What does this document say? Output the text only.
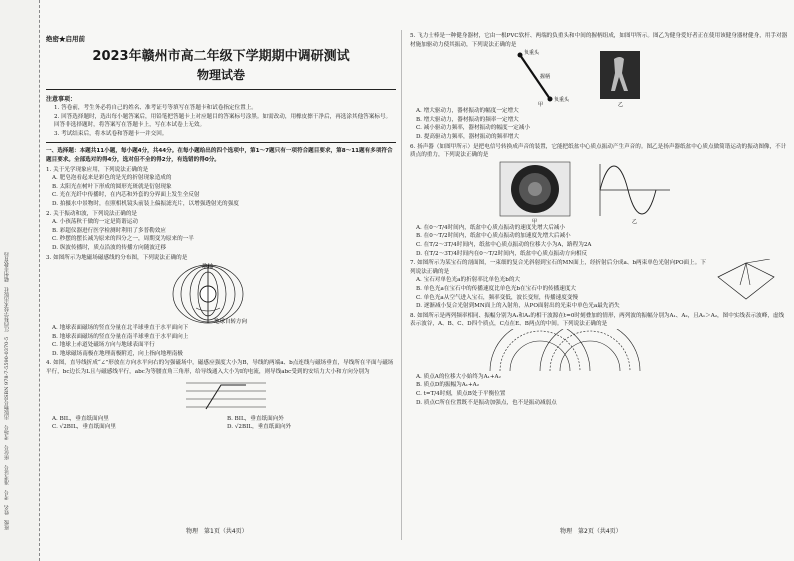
班级　姓名　考号　准考证号　座位号　考场号　出版物号ISBN 978-7-5590-0370-5　江西科学技术出版社　赣州市教育局　
绝密★启用前
2023年赣州市高二年级下学期期中调研测试
物理试卷
注意事项：
1. 答卷前，考生务必将自己的姓名、准考证号等填写在答题卡和试卷指定位置上。
2. 回答选择题时，选出每小题答案后，用铅笔把答题卡上对应题目的答案标号涂黑。如需改动，用橡皮擦干净后，再选涂其他答案标号。回答非选择题时，将答案写在答题卡上，写在本试卷上无效。
3. 考试结束后，将本试卷和答题卡一并交回。
一、选择题：本题共11小题，每小题4分，共44分。在每小题给出的四个选项中，第1～7题只有一项符合题目要求，第8～11题有多项符合题目要求。全部选对的得4分，选对但不全的得2分，有选错的得0分。
1. 关于光学现象应用，下列说法正确的是
A. 肥皂泡看起来是彩色的是光的折射现象造成的
B. 太阳光在树叶下形成的圆形光斑就是衍射现象
C. 光在光纤中传播时，在内芯和外套的分界面上发生全反射
D. 拍摄水中景物时，在照相机镜头前装上偏振滤光片，以增强透射光的强度
2. 关于振动和波，下列说法正确的是
A. 小孩荡秋千做的一定是简谐运动
B. 彩超仪器进行医学检测时利用了多普勒效应
C. 秒摆的摆长减为原来的四分之一，周期变为原来的一半
D. 纵波传播时，质点沿波的传播方向随波迁移
3. 如图所示为地磁场磁感线的分布图，下列说法正确的是
地轴
地球自转方向
A. 地球表面磁场的竖直分量在北半球垂直于水平面向下
B. 地球表面磁场的竖直分量在南半球垂直于水平面向上
C. 地球上赤道处磁场方向与地球表面平行
D. 地球磁场南极在地理南极附近，向上指向地理南极
4. 如图，直导线折成“∠”形放在方向水平向右的匀强磁场中，磁感应强度大小为B，导线的两端a、b点连线与磁场垂直，导线所在平面与磁场平行，bc边长为L且与磁感线平行，abc为等腰直角三角形，给导线通入大小为I的电流，则导线abc受到的安培力大小和方向分别为
A. BIL，垂直纸面向里	B. BIL，垂直纸面向外
C. √2BIL，垂直纸面向里	D. √2BIL，垂直纸面向外
物理　第1页（共4页）
5. 飞力士棒是一种健身器材，它由一根PVC软杆、两端的负重头和中间的握柄组成，如图甲所示。图乙为健身爱好者正在使用该健身器材健身，用手对器材施加驱动力使其振动，下列说法正确的是
负重头
握柄
负重头
甲	乙
A. 增大驱动力，器材振动的幅度一定增大
B. 增大驱动力，器材振动的频率一定增大
C. 减小驱动力频率，器材振动的幅度一定减小
D. 提高驱动力频率，器材振动的频率增大
6. 扬声器（如图甲所示）是把电信号转换成声音的装置，它能把纸盆中心质点振动产生声音的。图乙是扬声器纸盆中心质点做简谐运动的振动图像，不计质点的重力，下列说法正确的是
甲	乙
A. 在0～T/4时间内，纸盆中心质点振动的速度先增大后减小
B. 在0～T/2时间内，纸盆中心质点振动的加速度先增大后减小
C. 在T/2～3T/4时间内，纸盆中心质点振动的位移大小为A，路程为2A
D. 在T/2～3T/4时间内在0～T/2时间内，纸盆中心质点振动方向相反
7. 如图所示为某宝石的剖面图，一束细的复合光斜射到宝石的MN面上，经折射后分成a、b两束单色光射向PO面上。下列说法正确的是
A. 宝石对单色光a的折射率比单色光b的大
B. 单色光a在宝石中的传播速度比单色光b在宝石中的传播速度大
C. 单色光a从空气进入宝石，频率变低，波长变短，传播速度变慢
D. 逐渐减小复合光射到MN面上的入射角，从PO面射出的光束中单色光a最先消失
8. 如图所示是两列频率相同、振幅分别为A₁和A₂的相干波源在t=0时刻叠加的情形，两列波的振幅分别为A₁、A₂，且A₁＞A₂，图中实线表示波峰，虚线表示波谷，A、B、C、D四个质点，C点在E、B两点的中间。下列说法正确的是
A. 质点A的位移大小始终为A₁+A₂
B. 质点D的振幅为A₁+A₂
C. t=T/4时刻，质点B处于平衡位置
D. 质点C所在位置既不是振动加强点，也不是振动减弱点
物理　第2页（共4页）
